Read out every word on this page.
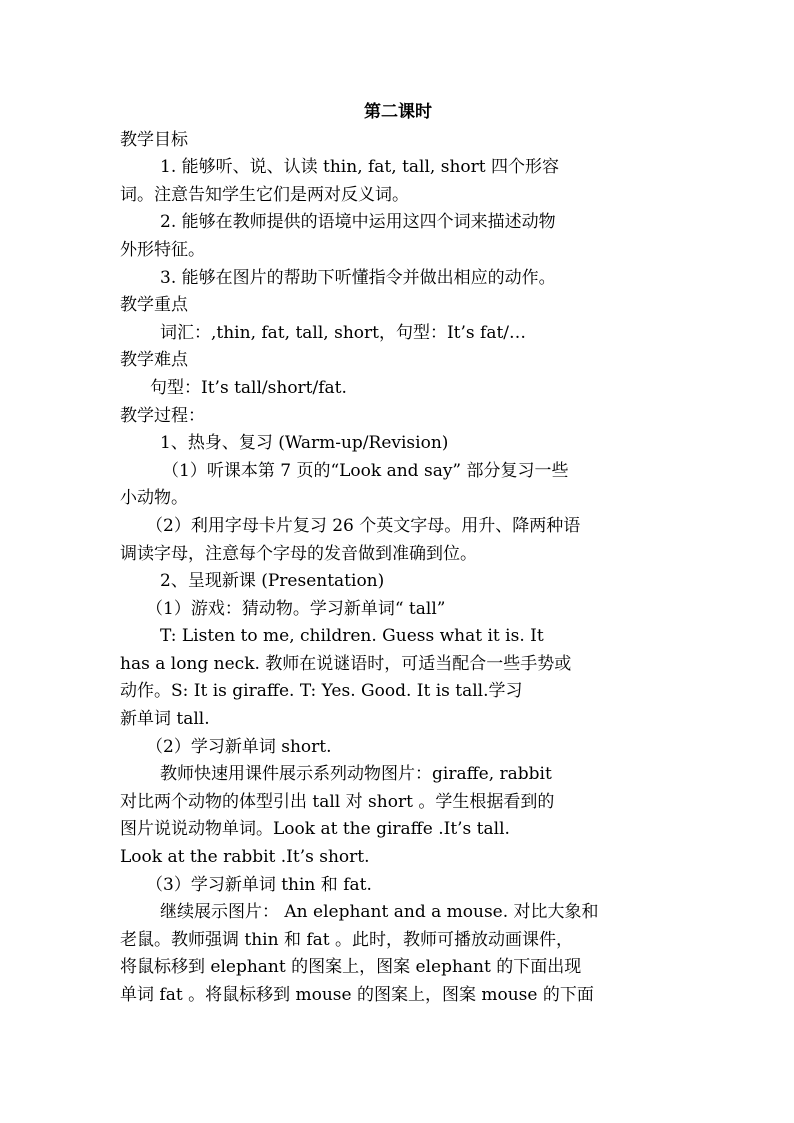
第二课时
教学目标
1. 能够听、说、认读 thin, fat, tall, short 四个形容
词。注意告知学生它们是两对反义词。
2. 能够在教师提供的语境中运用这四个词来描述动物
外形特征。
3. 能够在图片的帮助下听懂指令并做出相应的动作。
教学重点
词汇：,thin, fat, tall, short，句型：It’s fat/…
教学难点
句型：It’s tall/short/fat.
教学过程：
1、热身、复习 (Warm-up/Revision)
（1）听课本第 7 页的“Look and say” 部分复习一些
小动物。
（2）利用字母卡片复习 26 个英文字母。用升、降两种语
调读字母，注意每个字母的发音做到准确到位。
2、呈现新课 (Presentation)
（1）游戏：猜动物。学习新单词“ tall”
T: Listen to me, children. Guess what it is. It
has a long neck. 教师在说谜语时，可适当配合一些手势或
动作。S: It is giraffe. T: Yes. Good. It is tall.学习
新单词 tall.
（2）学习新单词 short.
教师快速用课件展示系列动物图片：giraffe, rabbit
对比两个动物的体型引出 tall 对 short 。学生根据看到的
图片说说动物单词。Look at the giraffe .It’s tall.
Look at the rabbit .It’s short.
（3）学习新单词 thin 和 fat.
继续展示图片： An elephant and a mouse. 对比大象和
老鼠。教师强调 thin 和 fat 。此时，教师可播放动画课件，
将鼠标移到 elephant 的图案上，图案 elephant 的下面出现
单词 fat 。将鼠标移到 mouse 的图案上，图案 mouse 的下面
